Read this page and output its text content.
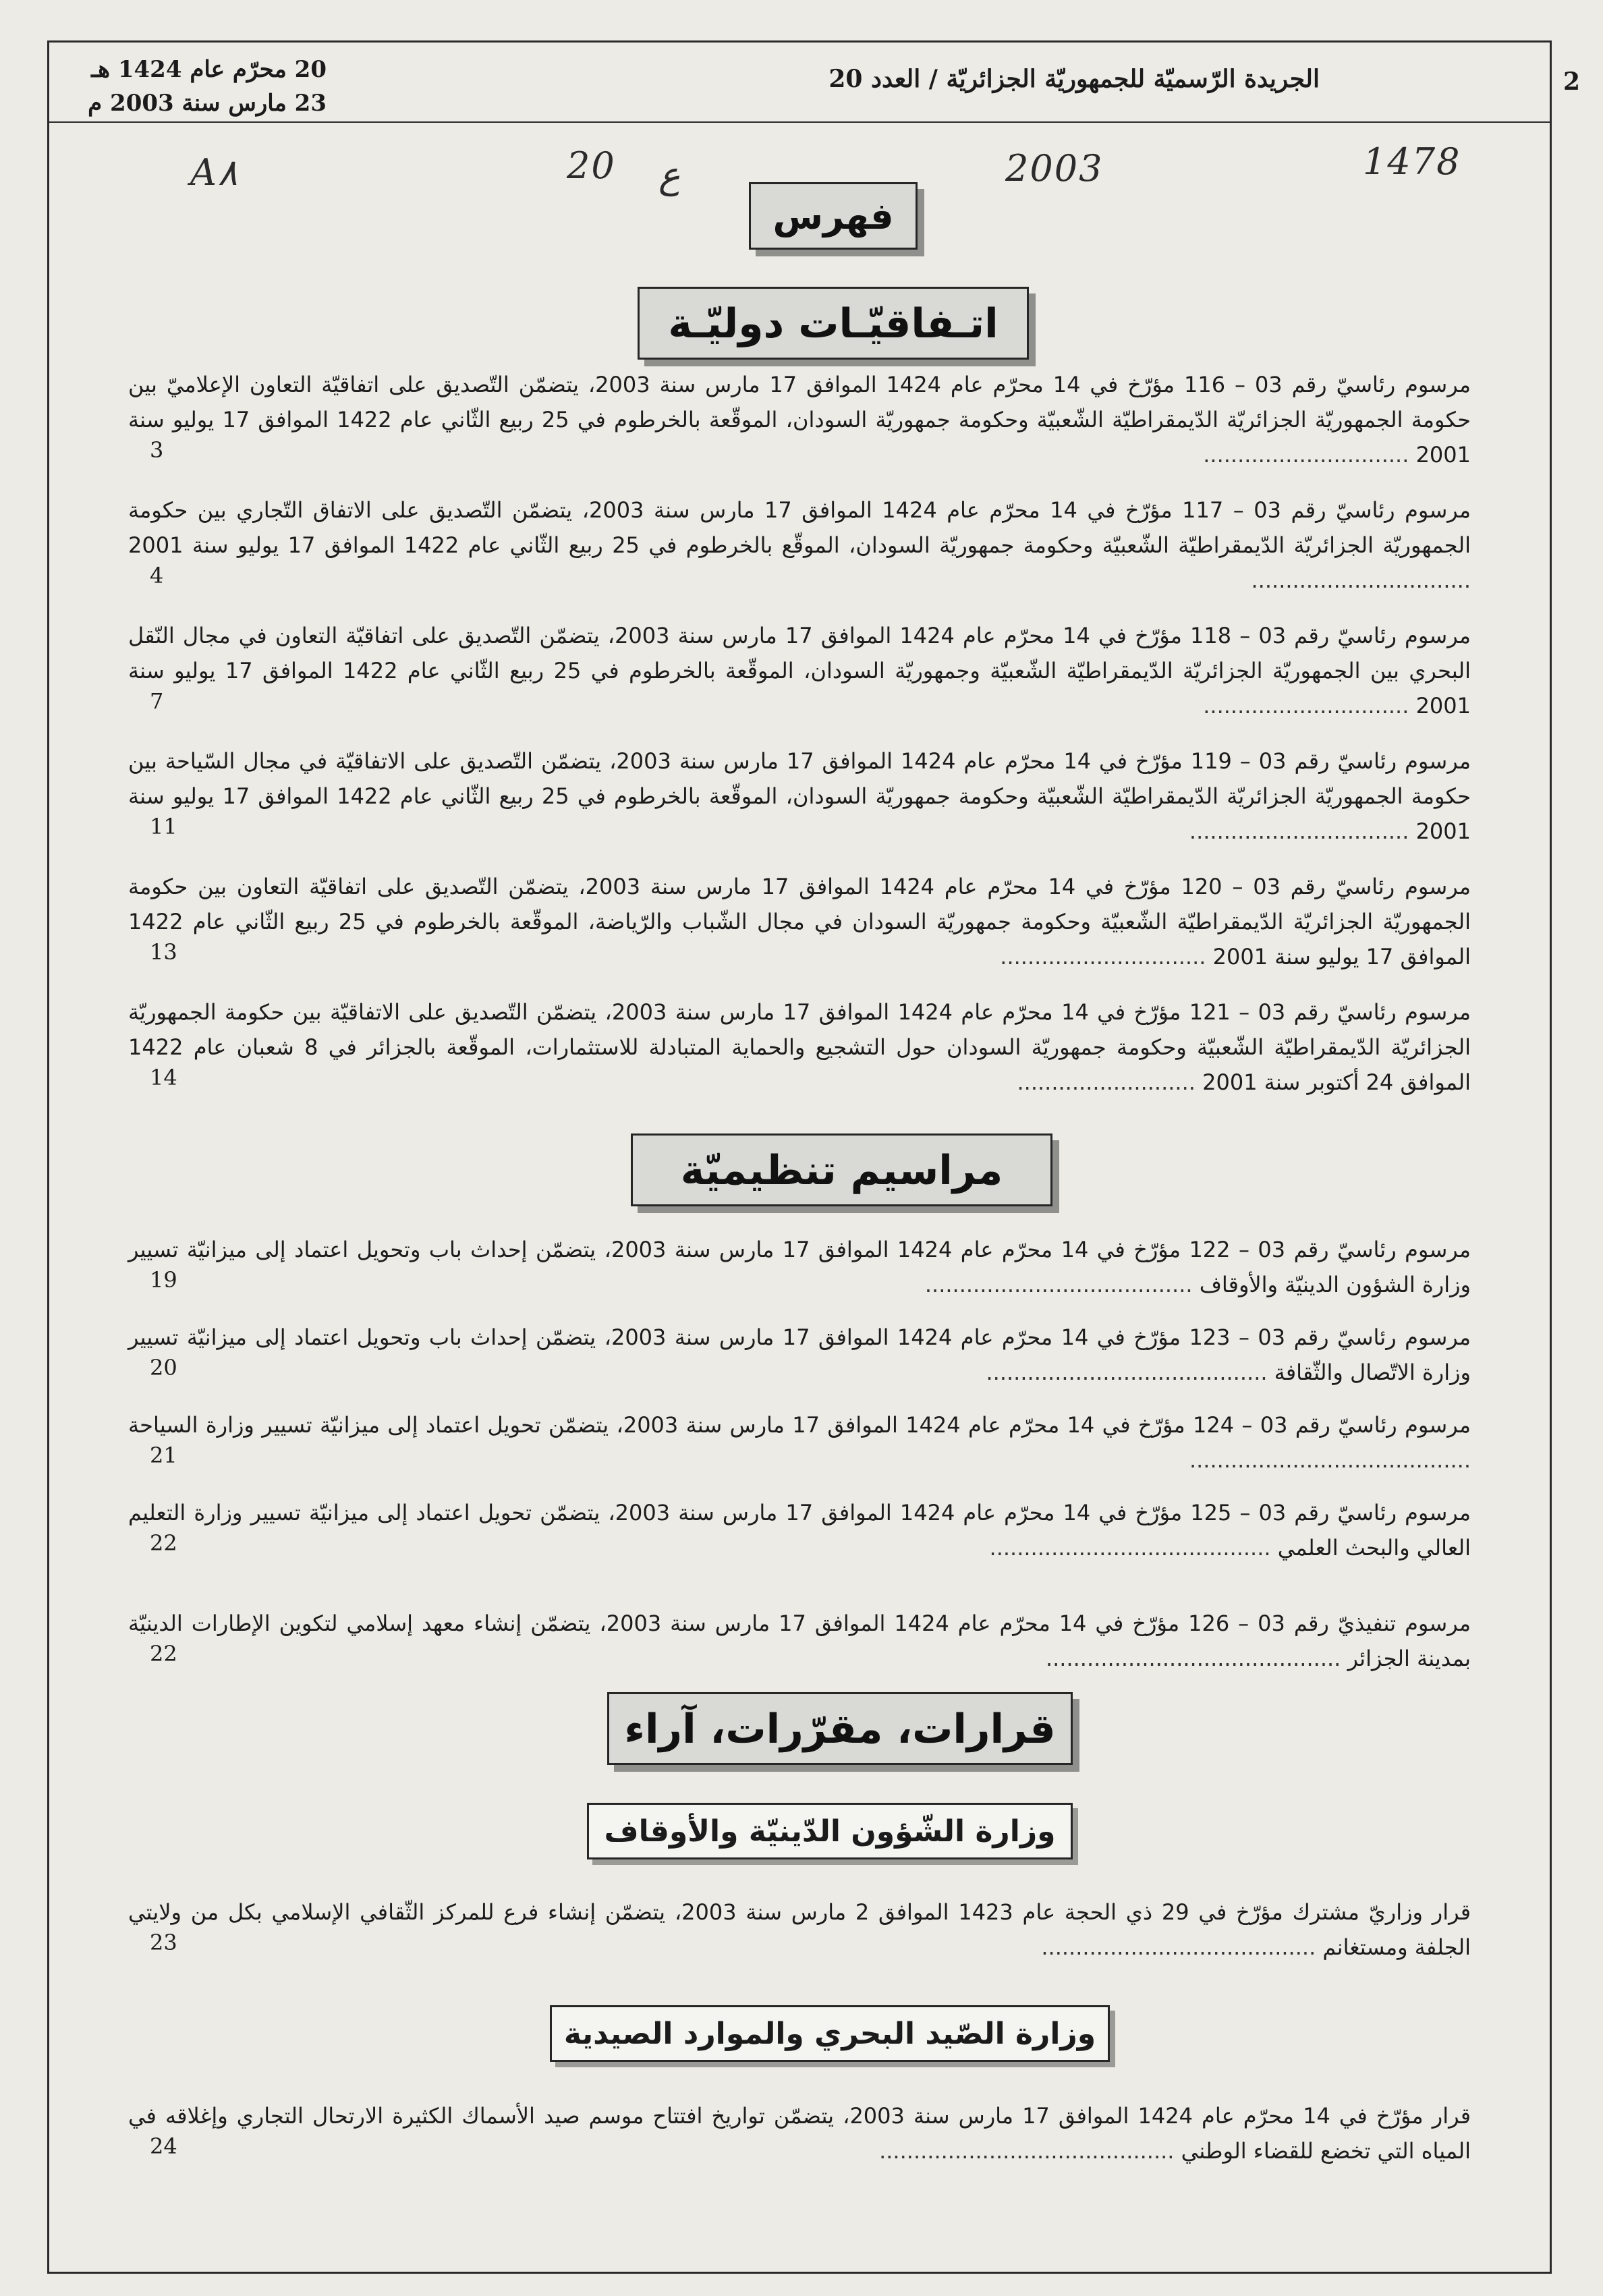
2
الجريدة الرّسميّة للجمهوريّة الجزائريّة / العدد 20
20 محرّم عام 1424 هـ
23 مارس سنة 2003 م
A٨	20 ع	2003	1478
فهرس
اتـفاقيّـات دوليّـة
مرسوم رئاسيّ رقم 03 – 116 مؤرّخ في 14 محرّم عام 1424 الموافق 17 مارس سنة 2003، يتضمّن التّصديق على اتفاقيّة التعاون الإعلاميّ بين حكومة الجمهوريّة الجزائريّة الدّيمقراطيّة الشّعبيّة وحكومة جمهوريّة السودان، الموقّعة بالخرطوم في 25 ربيع الثّاني عام 1422 الموافق 17 يوليو سنة 2001 ..............................
3
مرسوم رئاسيّ رقم 03 – 117 مؤرّخ في 14 محرّم عام 1424 الموافق 17 مارس سنة 2003، يتضمّن التّصديق على الاتفاق التّجاري بين حكومة الجمهوريّة الجزائريّة الدّيمقراطيّة الشّعبيّة وحكومة جمهوريّة السودان، الموقّع بالخرطوم في 25 ربيع الثّاني عام 1422 الموافق 17 يوليو سنة 2001 ................................
4
مرسوم رئاسيّ رقم 03 – 118 مؤرّخ في 14 محرّم عام 1424 الموافق 17 مارس سنة 2003، يتضمّن التّصديق على اتفاقيّة التعاون في مجال النّقل البحري بين الجمهوريّة الجزائريّة الدّيمقراطيّة الشّعبيّة وجمهوريّة السودان، الموقّعة بالخرطوم في 25 ربيع الثّاني عام 1422 الموافق 17 يوليو سنة 2001 ..............................
7
مرسوم رئاسيّ رقم 03 – 119 مؤرّخ في 14 محرّم عام 1424 الموافق 17 مارس سنة 2003، يتضمّن التّصديق على الاتفاقيّة في مجال السّياحة بين حكومة الجمهوريّة الجزائريّة الدّيمقراطيّة الشّعبيّة وحكومة جمهوريّة السودان، الموقّعة بالخرطوم في 25 ربيع الثّاني عام 1422 الموافق 17 يوليو سنة 2001 ................................
11
مرسوم رئاسيّ رقم 03 – 120 مؤرّخ في 14 محرّم عام 1424 الموافق 17 مارس سنة 2003، يتضمّن التّصديق على اتفاقيّة التعاون بين حكومة الجمهوريّة الجزائريّة الدّيمقراطيّة الشّعبيّة وحكومة جمهوريّة السودان في مجال الشّباب والرّياضة، الموقّعة بالخرطوم في 25 ربيع الثّاني عام 1422 الموافق 17 يوليو سنة 2001 ..............................
13
مرسوم رئاسيّ رقم 03 – 121 مؤرّخ في 14 محرّم عام 1424 الموافق 17 مارس سنة 2003، يتضمّن التّصديق على الاتفاقيّة بين حكومة الجمهوريّة الجزائريّة الدّيمقراطيّة الشّعبيّة وحكومة جمهوريّة السودان حول التشجيع والحماية المتبادلة للاستثمارات، الموقّعة بالجزائر في 8 شعبان عام 1422 الموافق 24 أكتوبر سنة 2001 ..........................
14
مراسيم تنظيميّة
مرسوم رئاسيّ رقم 03 – 122 مؤرّخ في 14 محرّم عام 1424 الموافق 17 مارس سنة 2003، يتضمّن إحداث باب وتحويل اعتماد إلى ميزانيّة تسيير وزارة الشؤون الدينيّة والأوقاف .......................................
19
مرسوم رئاسيّ رقم 03 – 123 مؤرّخ في 14 محرّم عام 1424 الموافق 17 مارس سنة 2003، يتضمّن إحداث باب وتحويل اعتماد إلى ميزانيّة تسيير وزارة الاتّصال والثّقافة .........................................
20
مرسوم رئاسيّ رقم 03 – 124 مؤرّخ في 14 محرّم عام 1424 الموافق 17 مارس سنة 2003، يتضمّن تحويل اعتماد إلى ميزانيّة تسيير وزارة السياحة .........................................
21
مرسوم رئاسيّ رقم 03 – 125 مؤرّخ في 14 محرّم عام 1424 الموافق 17 مارس سنة 2003، يتضمّن تحويل اعتماد إلى ميزانيّة تسيير وزارة التعليم العالي والبحث العلمي .........................................
22
مرسوم تنفيذيّ رقم 03 – 126 مؤرّخ في 14 محرّم عام 1424 الموافق 17 مارس سنة 2003، يتضمّن إنشاء معهد إسلامي لتكوين الإطارات الدينيّة بمدينة الجزائر ...........................................
22
قرارات، مقرّرات، آراء
وزارة الشّؤون الدّينيّة والأوقاف
قرار وزاريّ مشترك مؤرّخ في 29 ذي الحجة عام 1423 الموافق 2 مارس سنة 2003، يتضمّن إنشاء فرع للمركز الثّقافي الإسلامي بكل من ولايتي الجلفة ومستغانم ........................................
23
وزارة الصّيد البحري والموارد الصيدية
قرار مؤرّخ في 14 محرّم عام 1424 الموافق 17 مارس سنة 2003، يتضمّن تواريخ افتتاح موسم صيد الأسماك الكثيرة الارتحال التجاري وإغلاقه في المياه التي تخضع للقضاء الوطني ...........................................
24
